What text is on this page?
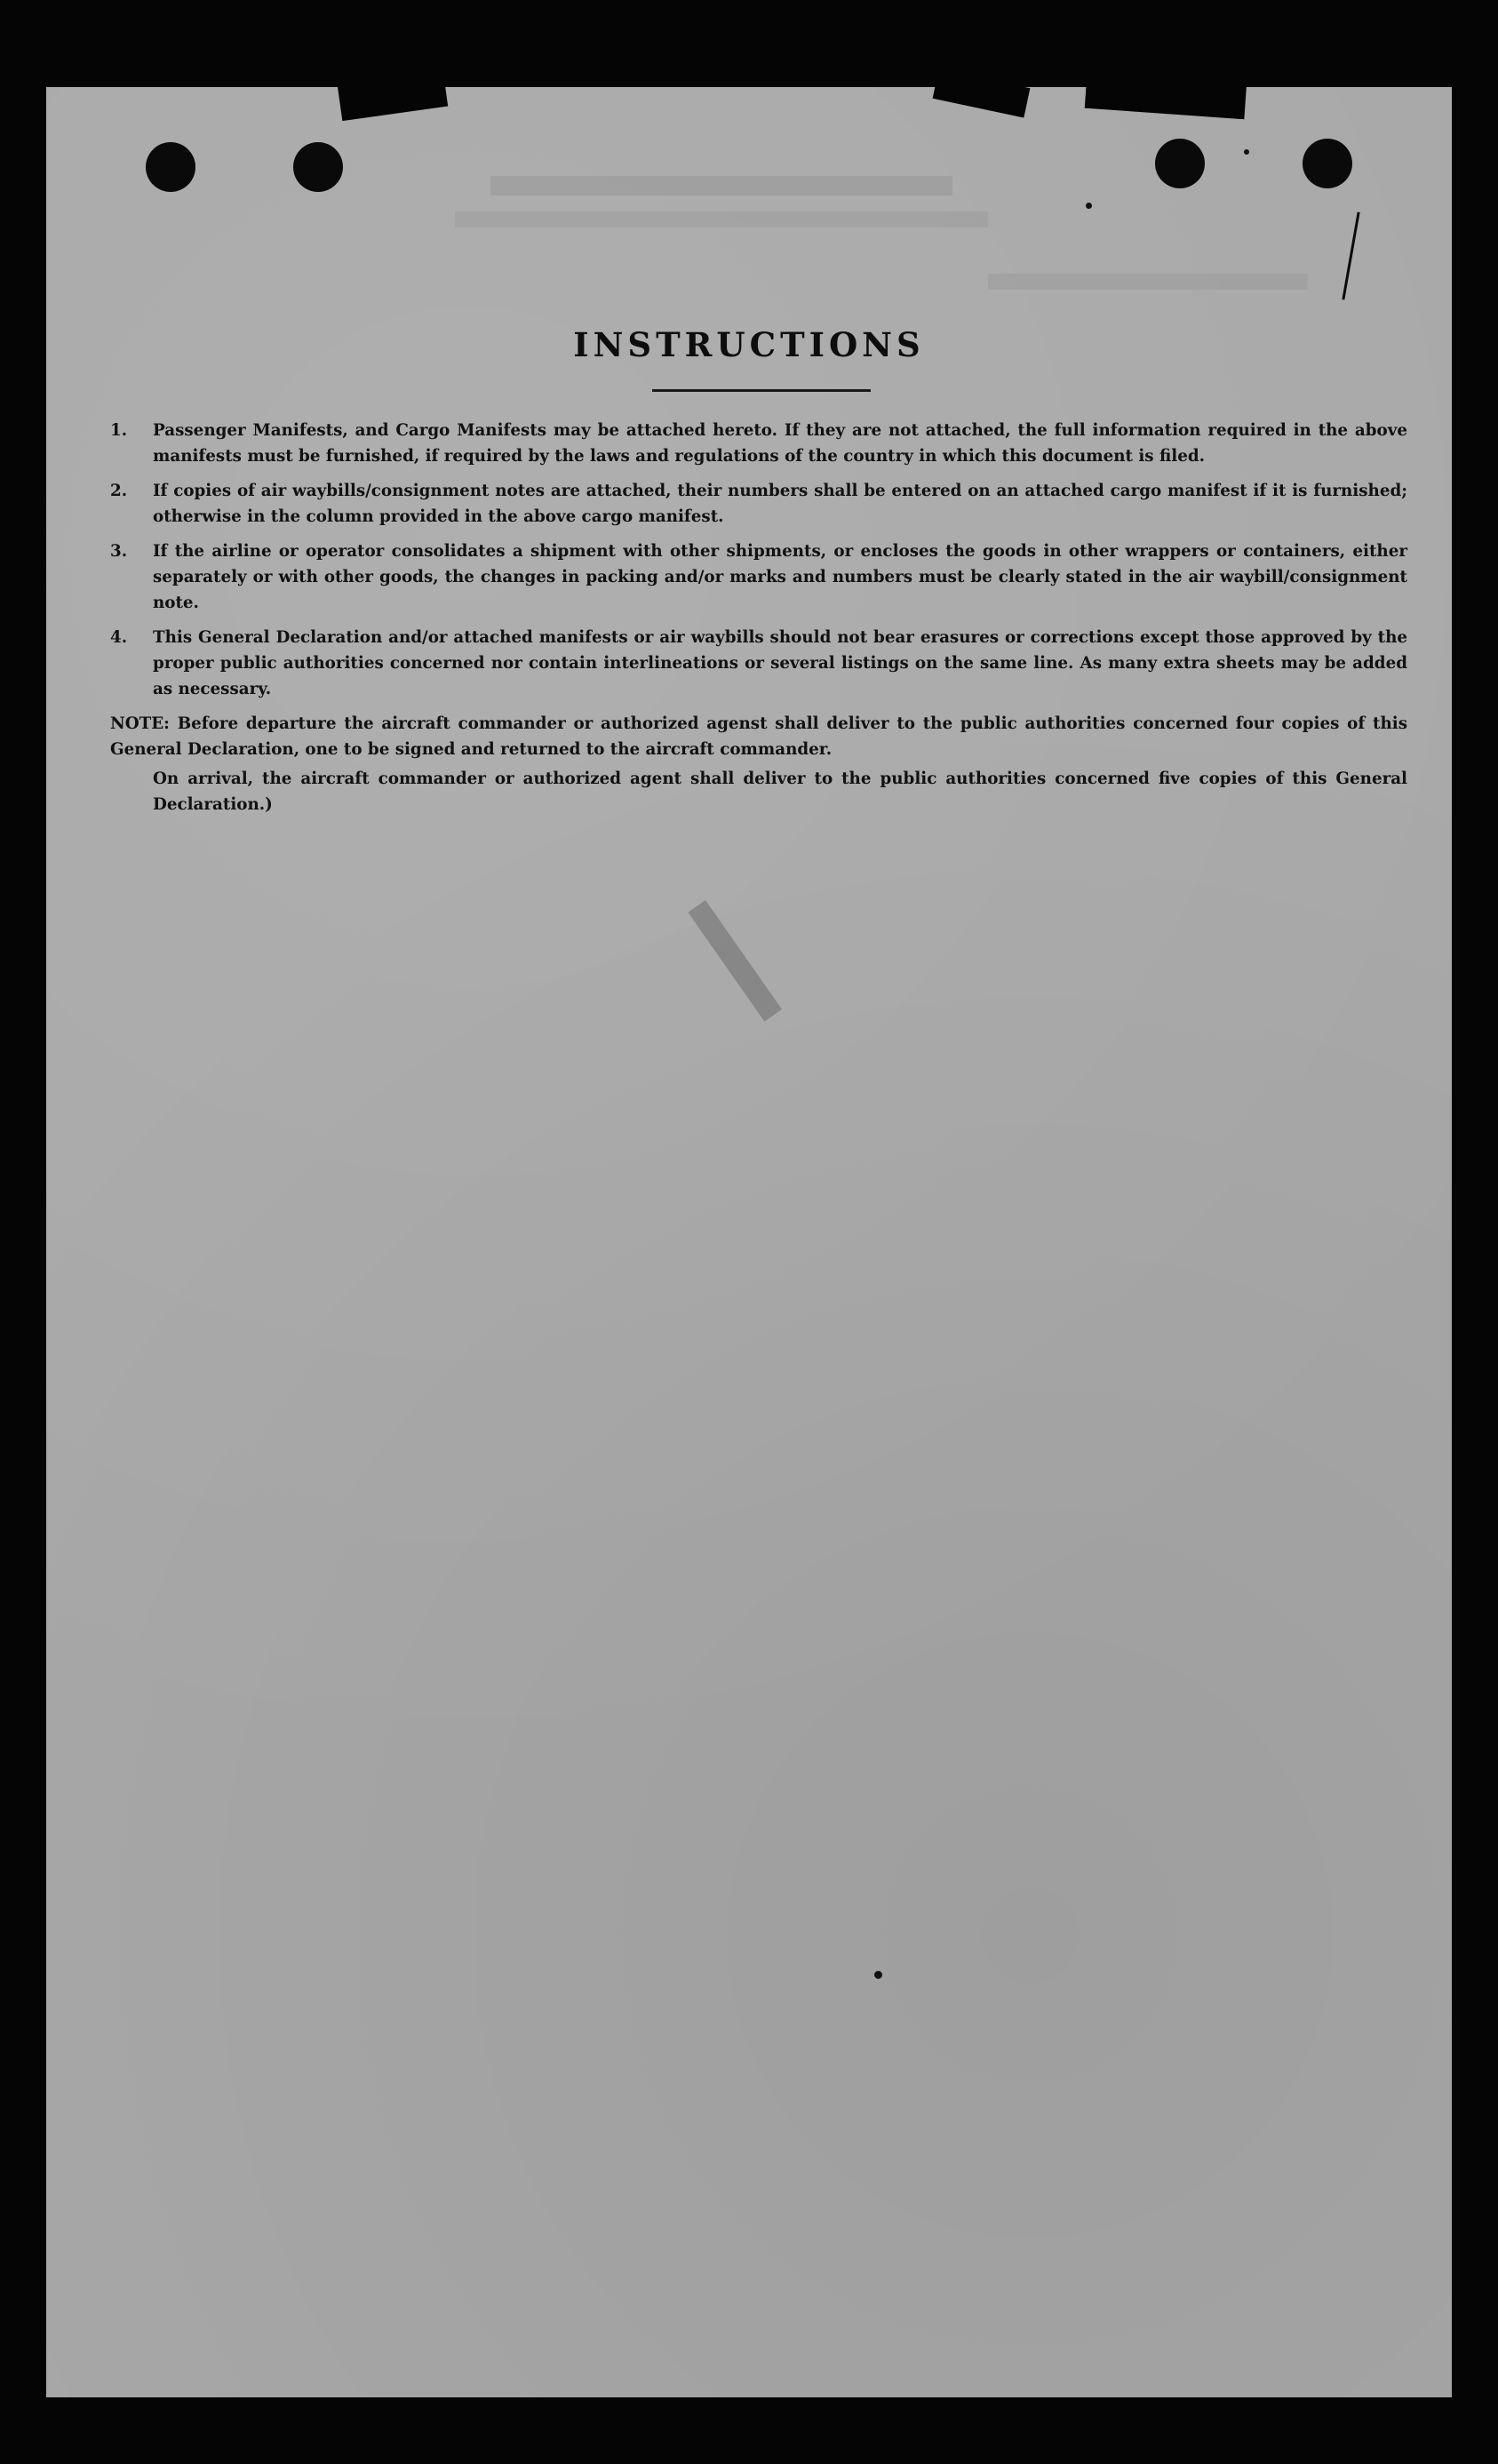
INSTRUCTIONS
1.	Passenger Manifests, and Cargo Manifests may be attached hereto. If they are not attached, the full information required in the above manifests must be furnished, if required by the laws and regulations of the country in which this document is filed.
2.	If copies of air waybills/consignment notes are attached, their numbers shall be entered on an attached cargo manifest if it is furnished; otherwise in the column provided in the above cargo manifest.
3.	If the airline or operator consolidates a shipment with other shipments, or encloses the goods in other wrappers or containers, either separately or with other goods, the changes in packing and/or marks and numbers must be clearly stated in the air waybill/consignment note.
4.	This General Declaration and/or attached manifests or air waybills should not bear erasures or corrections except those approved by the proper public authorities concerned nor contain interlineations or several listings on the same line. As many extra sheets may be added as necessary.
NOTE: Before departure the aircraft commander or authorized agenst shall deliver to the public authorities concerned four copies of this General Declaration, one to be signed and returned to the aircraft commander.
On arrival, the aircraft commander or authorized agent shall deliver to the public authorities concerned five copies of this General Declaration.)
